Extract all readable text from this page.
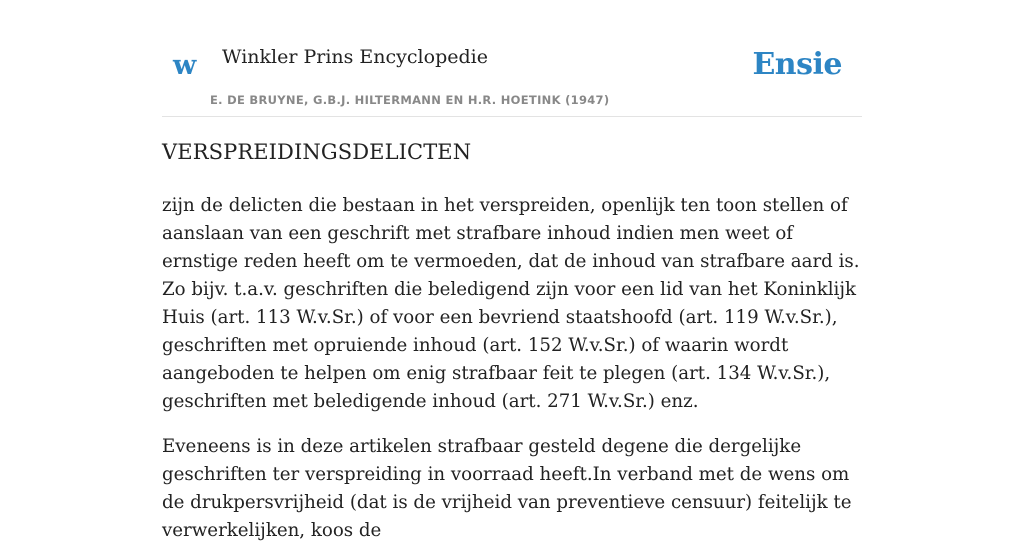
w Winkler Prins Encyclopedie
E. DE BRUYNE, G.B.J. HILTERMANN EN H.R. HOETINK (1947)
Ensie
VERSPREIDINGSDELICTEN

zijn de delicten die bestaan in het verspreiden, openlijk ten toon stellen of aanslaan van een geschrift met strafbare inhoud indien men weet of ernstige reden heeft om te vermoeden, dat de inhoud van strafbare aard is. Zo bijv. t.a.v. geschriften die beledigend zijn voor een lid van het Koninklijk Huis (art. 113 W.v.Sr.) of voor een bevriend staatshoofd (art. 119 W.v.Sr.), geschriften met opruiende inhoud (art. 152 W.v.Sr.) of waarin wordt aangeboden te helpen om enig strafbaar feit te plegen (art. 134 W.v.Sr.), geschriften met beledigende inhoud (art. 271 W.v.Sr.) enz.

Eveneens is in deze artikelen strafbaar gesteld degene die dergelijke geschriften ter verspreiding in voorraad heeft.In verband met de wens om de drukpersvrijheid (dat is de vrijheid van preventieve censuur) feitelijk te verwerkelijken, koos de
